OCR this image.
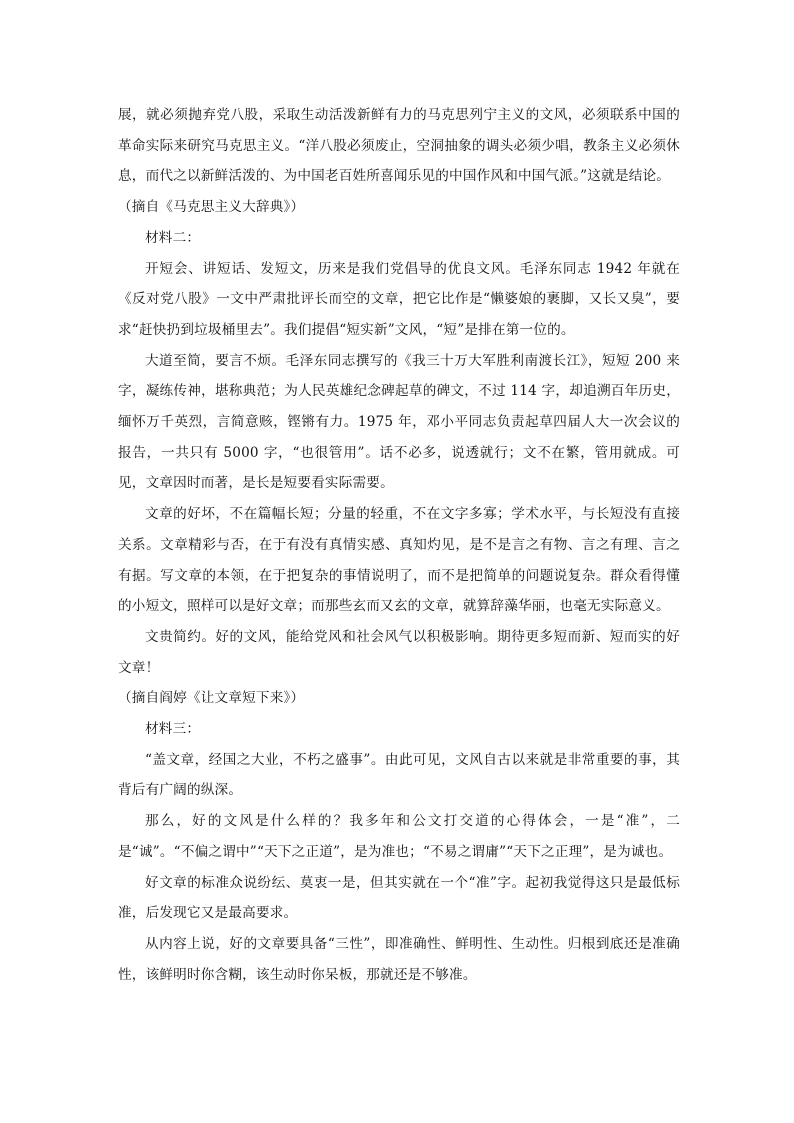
展，就必须抛弃党八股，采取生动活泼新鲜有力的马克思列宁主义的文风，必须联系中国的革命实际来研究马克思主义。“洋八股必须废止，空洞抽象的调头必须少唱，教条主义必须休息，而代之以新鲜活泼的、为中国老百姓所喜闻乐见的中国作风和中国气派。”这就是结论。

（摘自《马克思主义大辞典》）

材料二：

开短会、讲短话、发短文，历来是我们党倡导的优良文风。毛泽东同志 1942 年就在《反对党八股》一文中严肃批评长而空的文章，把它比作是“懒婆娘的裹脚，又长又臭”，要求“赶快扔到垃圾桶里去”。我们提倡“短实新”文风，“短”是排在第一位的。

大道至简，要言不烦。毛泽东同志撰写的《我三十万大军胜利南渡长江》，短短 200 来字，凝练传神，堪称典范；为人民英雄纪念碑起草的碑文，不过 114 字，却追溯百年历史，缅怀万千英烈，言简意赅，铿锵有力。1975 年，邓小平同志负责起草四届人大一次会议的报告，一共只有 5000 字，“也很管用”。话不必多，说透就行；文不在繁，管用就成。可见，文章因时而著，是长是短要看实际需要。

文章的好坏，不在篇幅长短；分量的轻重，不在文字多寡；学术水平，与长短没有直接关系。文章精彩与否，在于有没有真情实感、真知灼见，是不是言之有物、言之有理、言之有据。写文章的本领，在于把复杂的事情说明了，而不是把简单的问题说复杂。群众看得懂的小短文，照样可以是好文章；而那些玄而又玄的文章，就算辞藻华丽，也毫无实际意义。

文贵简约。好的文风，能给党风和社会风气以积极影响。期待更多短而新、短而实的好文章！

（摘自阎婷《让文章短下来》）

材料三：

“盖文章，经国之大业，不朽之盛事”。由此可见，文风自古以来就是非常重要的事，其背后有广阔的纵深。

那么，好的文风是什么样的？我多年和公文打交道的心得体会，一是“准”，二是“诚”。“不偏之谓中”“天下之正道”，是为准也；“不易之谓庸”“天下之正理”，是为诚也。

好文章的标准众说纷纭、莫衷一是，但其实就在一个“准”字。起初我觉得这只是最低标准，后发现它又是最高要求。

从内容上说，好的文章要具备“三性”，即准确性、鲜明性、生动性。归根到底还是准确性，该鲜明时你含糊，该生动时你呆板，那就还是不够准。
